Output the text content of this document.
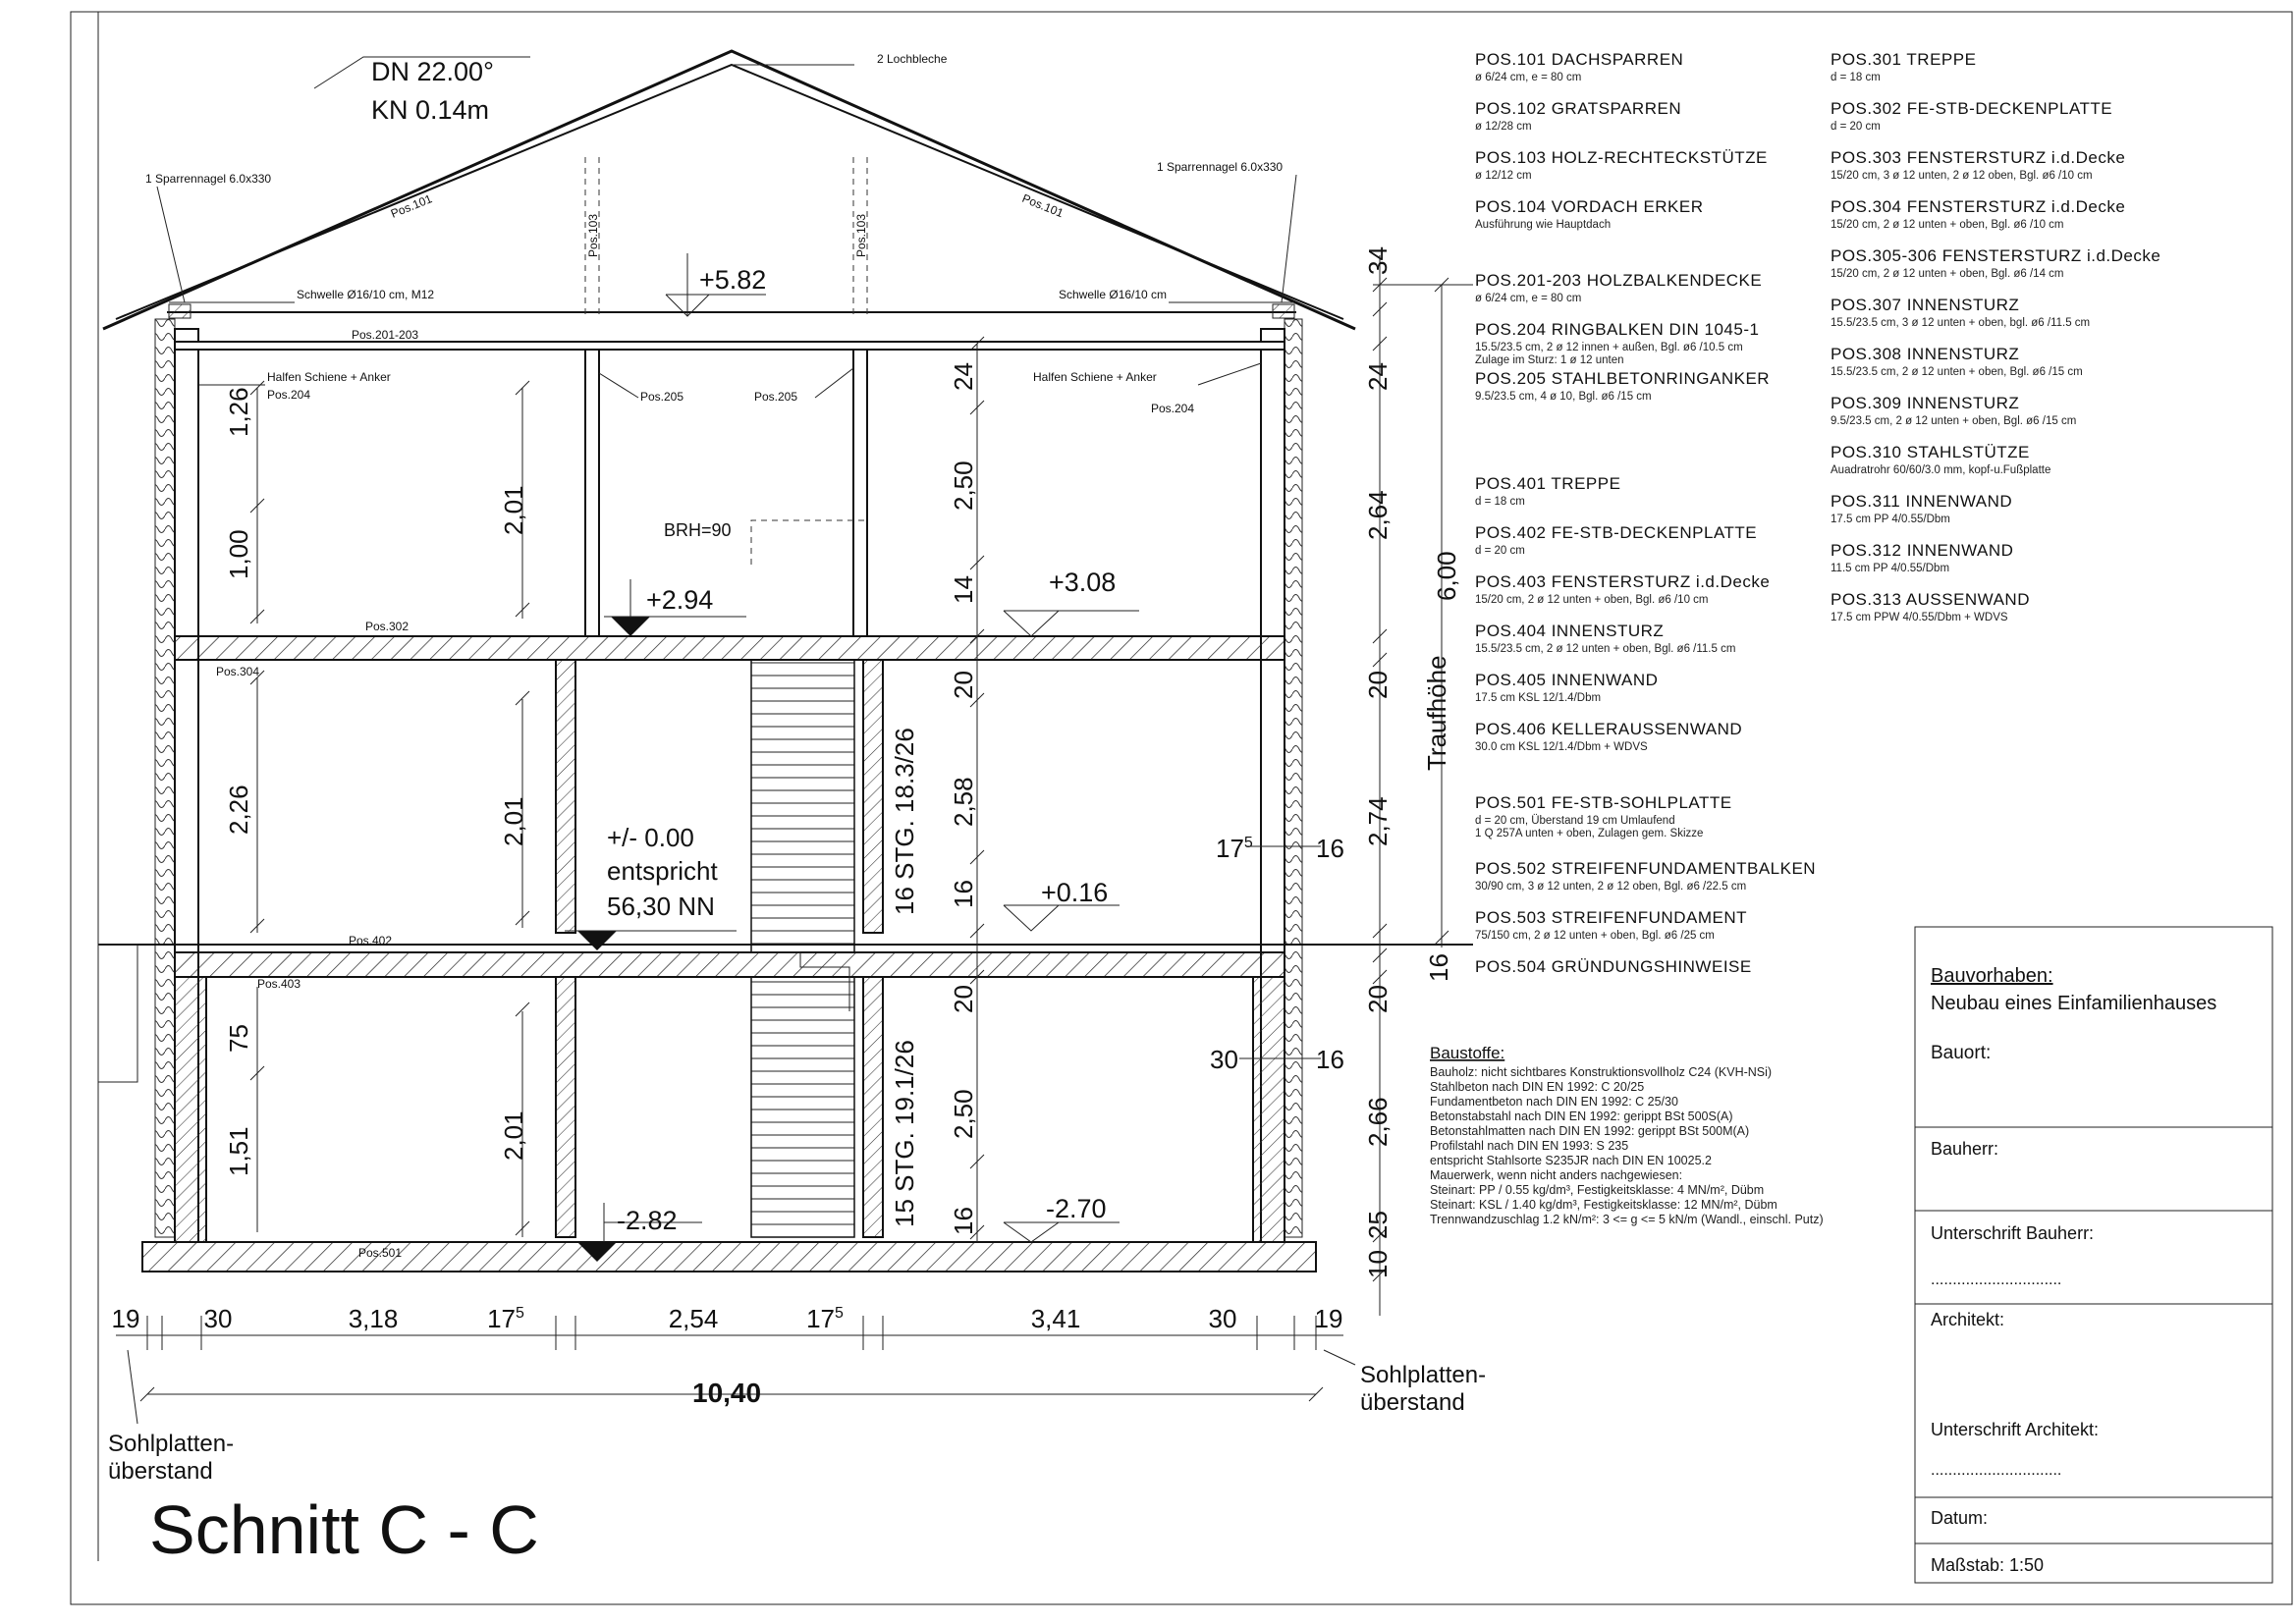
2 Lochbleche
1 Sparrennagel 6.0x330
1 Sparrennagel 6.0x330
Pos.101	Pos.101
Pos.103	Pos.103
Schwelle Ø16/10 cm, M12	Schwelle Ø16/10 cm
Pos.201-203
DN 22.00°
KN 0.14m
+5.82
Halfen Schiene + Anker
Pos.204	Pos.205	Pos.205
Halfen Schiene + Anker
Pos.204
Pos.302
Pos.304
Pos.402
Pos.403
Pos.501
BRH=90
+2.94
+3.08
+/- 0.00
entspricht
56,30 NN	+0.16
-2.82	-2.70
1,26
1,00
2,01
2,26	2,01
75
1,51	2,01
24
2,50
14
20
2,58
16
20
2,50
16
16 STG. 18.3/26
15 STG. 19.1/26
34
24
2,64
20
2,74
16
20
2,66
25
10
6,00
Traufhöhe
$17^5$ 16
30	16
19	30	3,18	$17^5$	2,54	$17^5$	3,41	30	19
10,40
Sohlplatten-
überstand
Sohlplatten-
überstand
Schnitt C - C
POS.101 DACHSPARREN
ø 6/24 cm, e = 80 cm
POS.102 GRATSPARREN
ø 12/28 cm
POS.103 HOLZ-RECHTECKSTÜTZE
ø 12/12 cm
POS.104 VORDACH ERKER
Ausführung wie Hauptdach
POS.201-203 HOLZBALKENDECKE
ø 6/24 cm, e = 80 cm
POS.204 RINGBALKEN DIN 1045-1
15.5/23.5 cm, 2 ø 12 innen + außen, Bgl. ø6 /10.5 cm
Zulage im Sturz: 1 ø 12 unten
POS.205 STAHLBETONRINGANKER
9.5/23.5 cm, 4 ø 10, Bgl. ø6 /15 cm
POS.401 TREPPE
d = 18 cm
POS.402 FE-STB-DECKENPLATTE
d = 20 cm
POS.403 FENSTERSTURZ i.d.Decke
15/20 cm, 2 ø 12 unten + oben, Bgl. ø6 /10 cm
POS.404 INNENSTURZ
15.5/23.5 cm, 2 ø 12 unten + oben, Bgl. ø6 /11.5 cm
POS.405 INNENWAND
17.5 cm KSL 12/1.4/Dbm
POS.406 KELLERAUSSENWAND
30.0 cm KSL 12/1.4/Dbm + WDVS
POS.501 FE-STB-SOHLPLATTE
d = 20 cm, Überstand 19 cm Umlaufend
1 Q 257A unten + oben, Zulagen gem. Skizze
POS.502 STREIFENFUNDAMENTBALKEN
30/90 cm, 3 ø 12 unten, 2 ø 12 oben, Bgl. ø6 /22.5 cm
POS.503 STREIFENFUNDAMENT
75/150 cm, 2 ø 12 unten + oben, Bgl. ø6 /25 cm
POS.504 GRÜNDUNGSHINWEISE
POS.301 TREPPE
d = 18 cm
POS.302 FE-STB-DECKENPLATTE
d = 20 cm
POS.303 FENSTERSTURZ i.d.Decke
15/20 cm, 3 ø 12 unten, 2 ø 12 oben, Bgl. ø6 /10 cm
POS.304 FENSTERSTURZ i.d.Decke
15/20 cm, 2 ø 12 unten + oben, Bgl. ø6 /10 cm
POS.305-306 FENSTERSTURZ i.d.Decke
15/20 cm, 2 ø 12 unten + oben, Bgl. ø6 /14 cm
POS.307 INNENSTURZ
15.5/23.5 cm, 3 ø 12 unten + oben, bgl. ø6 /11.5 cm
POS.308 INNENSTURZ
15.5/23.5 cm, 2 ø 12 unten + oben, Bgl. ø6 /15 cm
POS.309 INNENSTURZ
9.5/23.5 cm, 2 ø 12 unten + oben, Bgl. ø6 /15 cm
POS.310 STAHLSTÜTZE
Auadratrohr 60/60/3.0 mm, kopf-u.Fußplatte
POS.311 INNENWAND
17.5 cm PP 4/0.55/Dbm
POS.312 INNENWAND
11.5 cm PP 4/0.55/Dbm
POS.313 AUSSENWAND
17.5 cm PPW 4/0.55/Dbm + WDVS
Baustoffe:
Bauholz: nicht sichtbares Konstruktionsvollholz C24 (KVH-NSi)
Stahlbeton nach DIN EN 1992: C 20/25
Fundamentbeton nach DIN EN 1992: C 25/30
Betonstabstahl nach DIN EN 1992: gerippt BSt 500S(A)
Betonstahlmatten nach DIN EN 1992: gerippt BSt 500M(A)
Profilstahl nach DIN EN 1993: S 235
entspricht Stahlsorte S235JR nach DIN EN 10025.2
Mauerwerk, wenn nicht anders nachgewiesen:
Steinart: PP / 0.55 kg/dm³, Festigkeitsklasse: 4 MN/m², Dübm
Steinart: KSL / 1.40 kg/dm³, Festigkeitsklasse: 12 MN/m², Dübm
Trennwandzuschlag 1.2 kN/m²: 3 <= g <= 5 kN/m (Wandl., einschl. Putz)
Bauvorhaben:
Neubau eines Einfamilienhauses
Bauort:
Bauherr:
Unterschrift Bauherr:
..............................
Architekt:
Unterschrift Architekt:
..............................
Datum:
Maßstab: 1:50
